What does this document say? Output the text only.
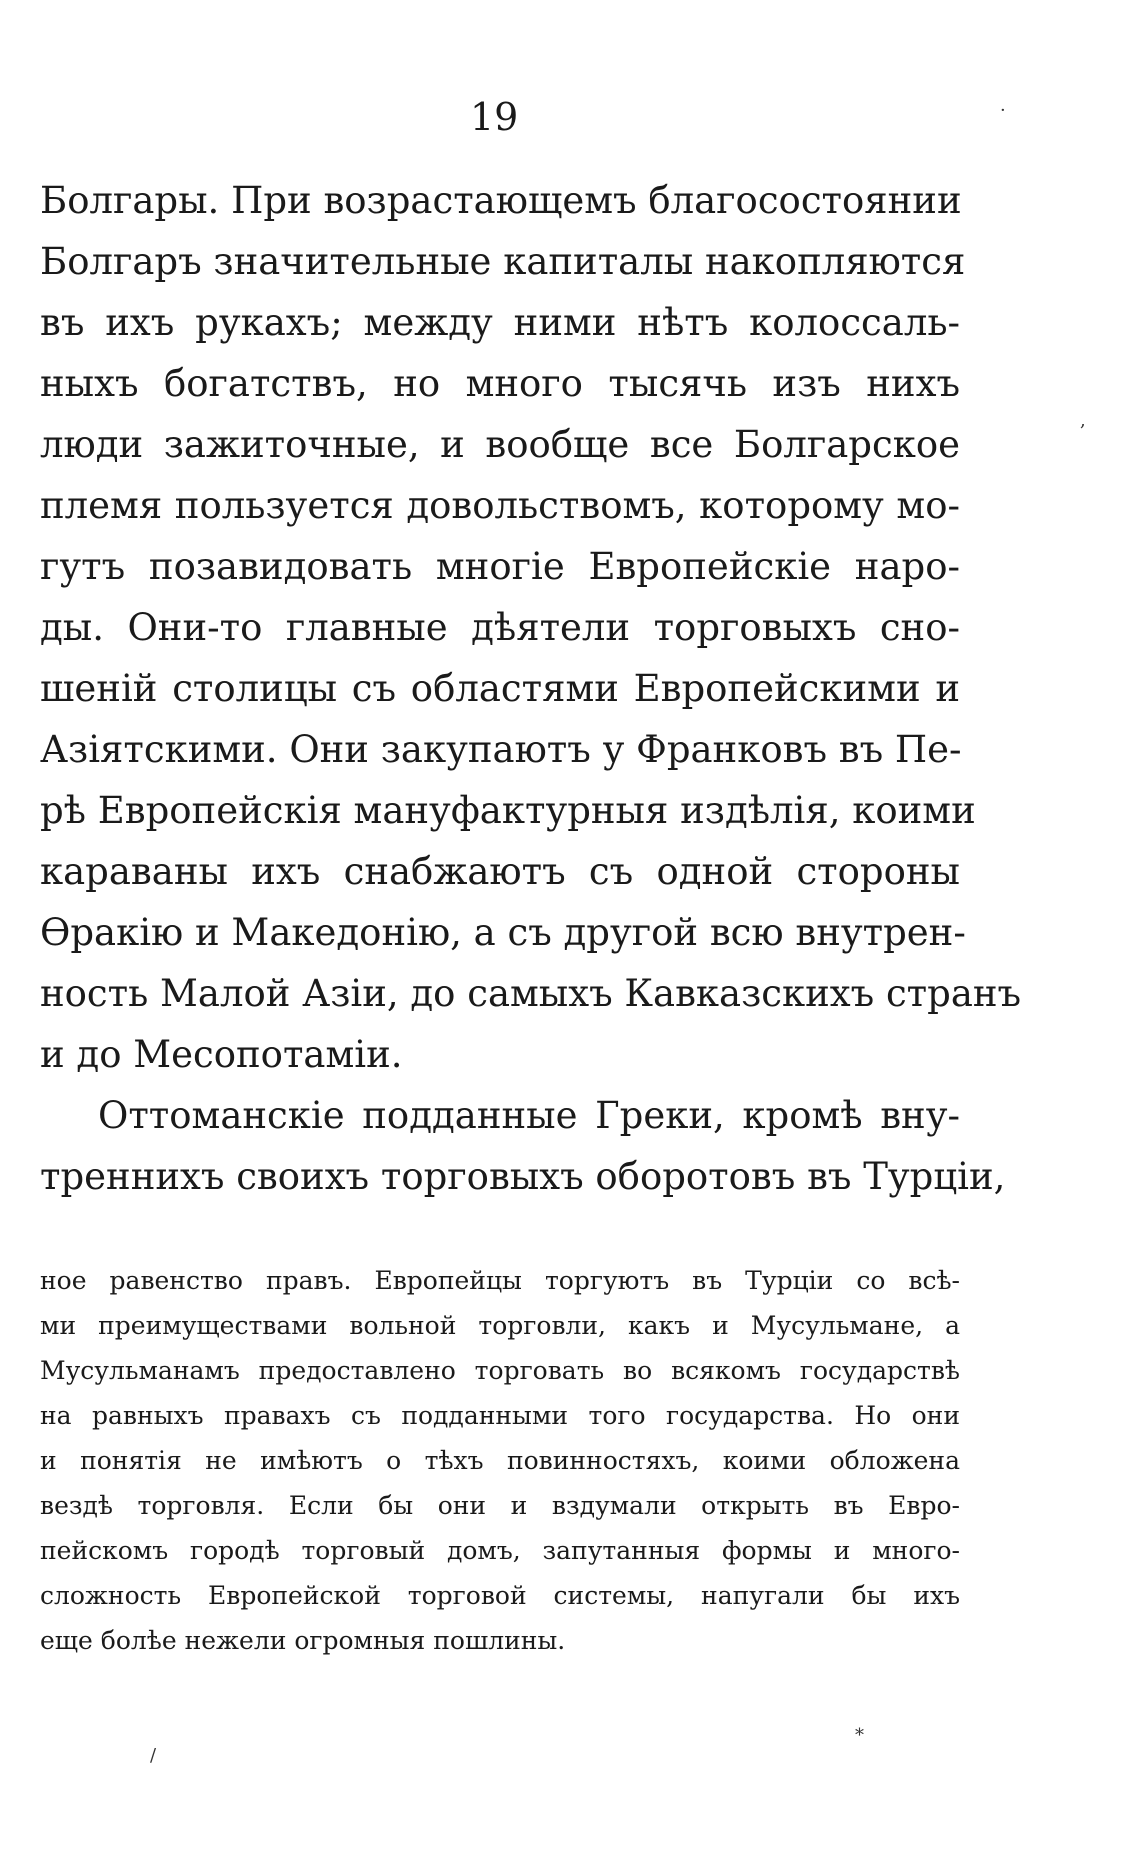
19
Болгары. При возрастающемъ благосостоянии
Болгаръ значительные капиталы накопляются
въ ихъ рукахъ; между ними нѣтъ колоссаль-
ныхъ богатствъ, но много тысячь изъ нихъ
люди зажиточные, и вообще все Болгарское
племя пользуется довольствомъ, которому мо-
гутъ позавидовать многіе Европейскіе наро-
ды. Они-то главные дѣятели торговыхъ сно-
шеній столицы съ областями Европейскими и
Азіятскими. Они закупаютъ у Франковъ въ Пе-
рѣ Европейскія мануфактурныя издѣлія, коими
караваны ихъ снабжаютъ съ одной стороны
Ѳракію и Македонію, а съ другой всю внутрен-
ность Малой Азіи, до самыхъ Кавказскихъ странъ
и до Месопотаміи.
Оттоманскіе подданные Греки, кромѣ вну-
треннихъ своихъ торговыхъ оборотовъ въ Турціи,
ное равенство правъ. Европейцы торгуютъ въ Турціи со всѣ-
ми преимуществами вольной торговли, какъ и Мусульмане, а
Мусульманамъ предоставлено торговать во всякомъ государствѣ
на равныхъ правахъ съ подданными того государства. Но они
и понятія не имѣютъ о тѣхъ повинностяхъ, коими обложена
вездѣ торговля. Если бы они и вздумали открыть въ Евро-
пейскомъ городѣ торговый домъ, запутанныя формы и много-
сложность Европейской торговой системы, напугали бы ихъ
еще болѣе нежели огромныя пошлины.
·
,
*
/
